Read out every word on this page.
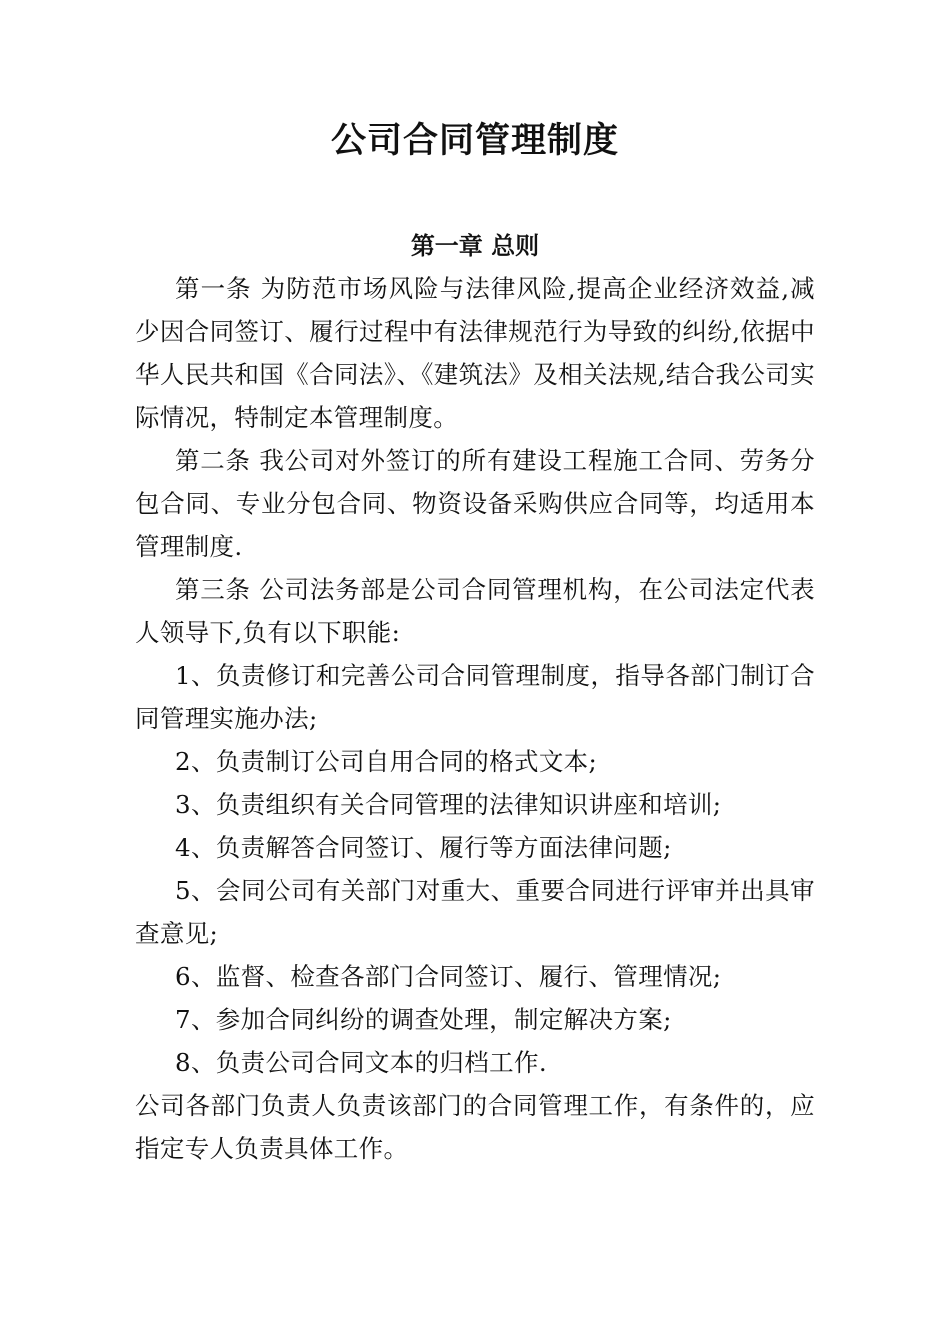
公司合同管理制度
第一章 总则

第一条 为防范市场风险与法律风险,提高企业经济效益,减少因合同签订、履行过程中有法律规范行为导致的纠纷,依据中华人民共和国《合同法》、《建筑法》及相关法规,结合我公司实际情况，特制定本管理制度。

第二条 我公司对外签订的所有建设工程施工合同、劳务分包合同、专业分包合同、物资设备采购供应合同等，均适用本管理制度.

第三条 公司法务部是公司合同管理机构，在公司法定代表人领导下,负有以下职能:

1、负责修订和完善公司合同管理制度，指导各部门制订合同管理实施办法;

2、负责制订公司自用合同的格式文本;

3、负责组织有关合同管理的法律知识讲座和培训;

4、负责解答合同签订、履行等方面法律问题;

5、会同公司有关部门对重大、重要合同进行评审并出具审查意见;

6、监督、检查各部门合同签订、履行、管理情况;

7、参加合同纠纷的调查处理，制定解决方案;

8、负责公司合同文本的归档工作.

公司各部门负责人负责该部门的合同管理工作，有条件的，应指定专人负责具体工作。
